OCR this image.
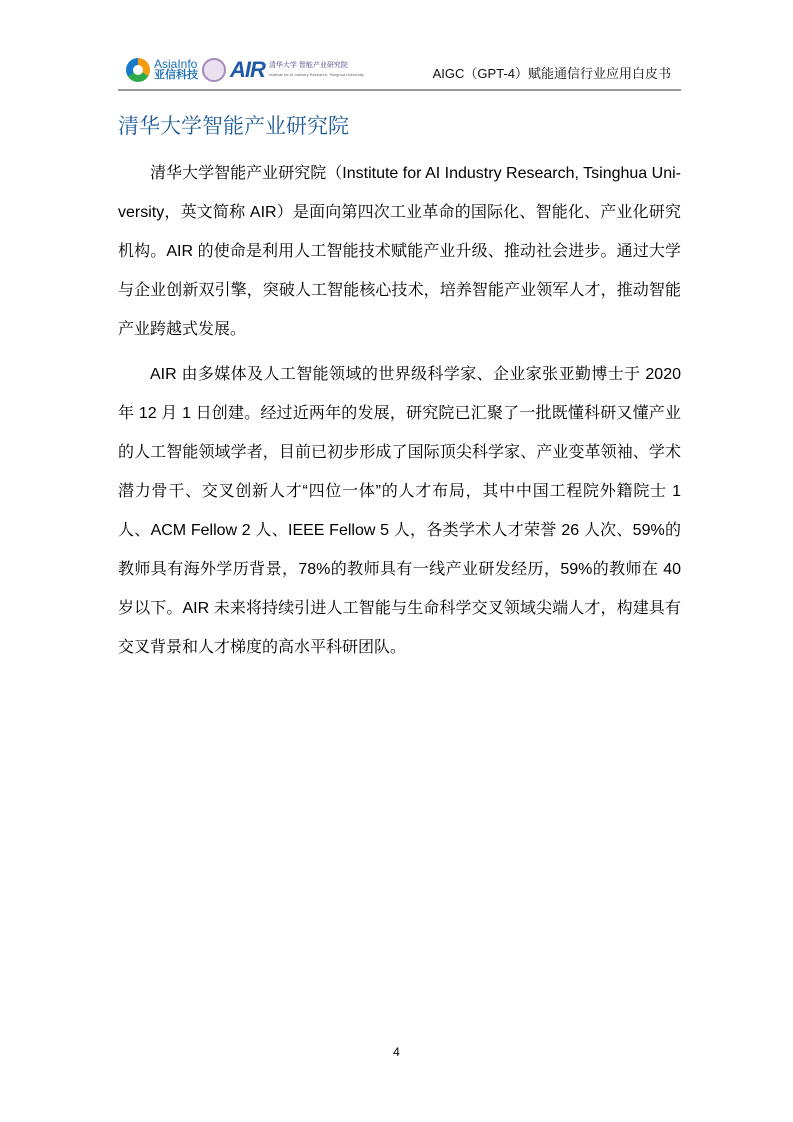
AsiaInfo
亚信科技 AIR 清华大学 智能产业研究院
Institute for AI Industry Research, Tsinghua University	AIGC（GPT-4）赋能通信行业应用白皮书
清华大学智能产业研究院
清华大学智能产业研究院（Institute for AI Industry Research, Tsinghua Uni-
versity，英文简称 AIR）是面向第四次工业革命的国际化、智能化、产业化研究
机构。AIR 的使命是利用人工智能技术赋能产业升级、推动社会进步。通过大学
与企业创新双引擎，突破人工智能核心技术，培养智能产业领军人才，推动智能
产业跨越式发展。
AIR 由多媒体及人工智能领域的世界级科学家、企业家张亚勤博士于 2020
年 12 月 1 日创建。经过近两年的发展，研究院已汇聚了一批既懂科研又懂产业
的人工智能领域学者，目前已初步形成了国际顶尖科学家、产业变革领袖、学术
潜力骨干、交叉创新人才“四位一体”的人才布局，其中中国工程院外籍院士 1
人、ACM Fellow 2 人、IEEE Fellow 5 人，各类学术人才荣誉 26 人次、59%的
教师具有海外学历背景，78%的教师具有一线产业研发经历，59%的教师在 40
岁以下。AIR 未来将持续引进人工智能与生命科学交叉领域尖端人才，构建具有
交叉背景和人才梯度的高水平科研团队。
4
